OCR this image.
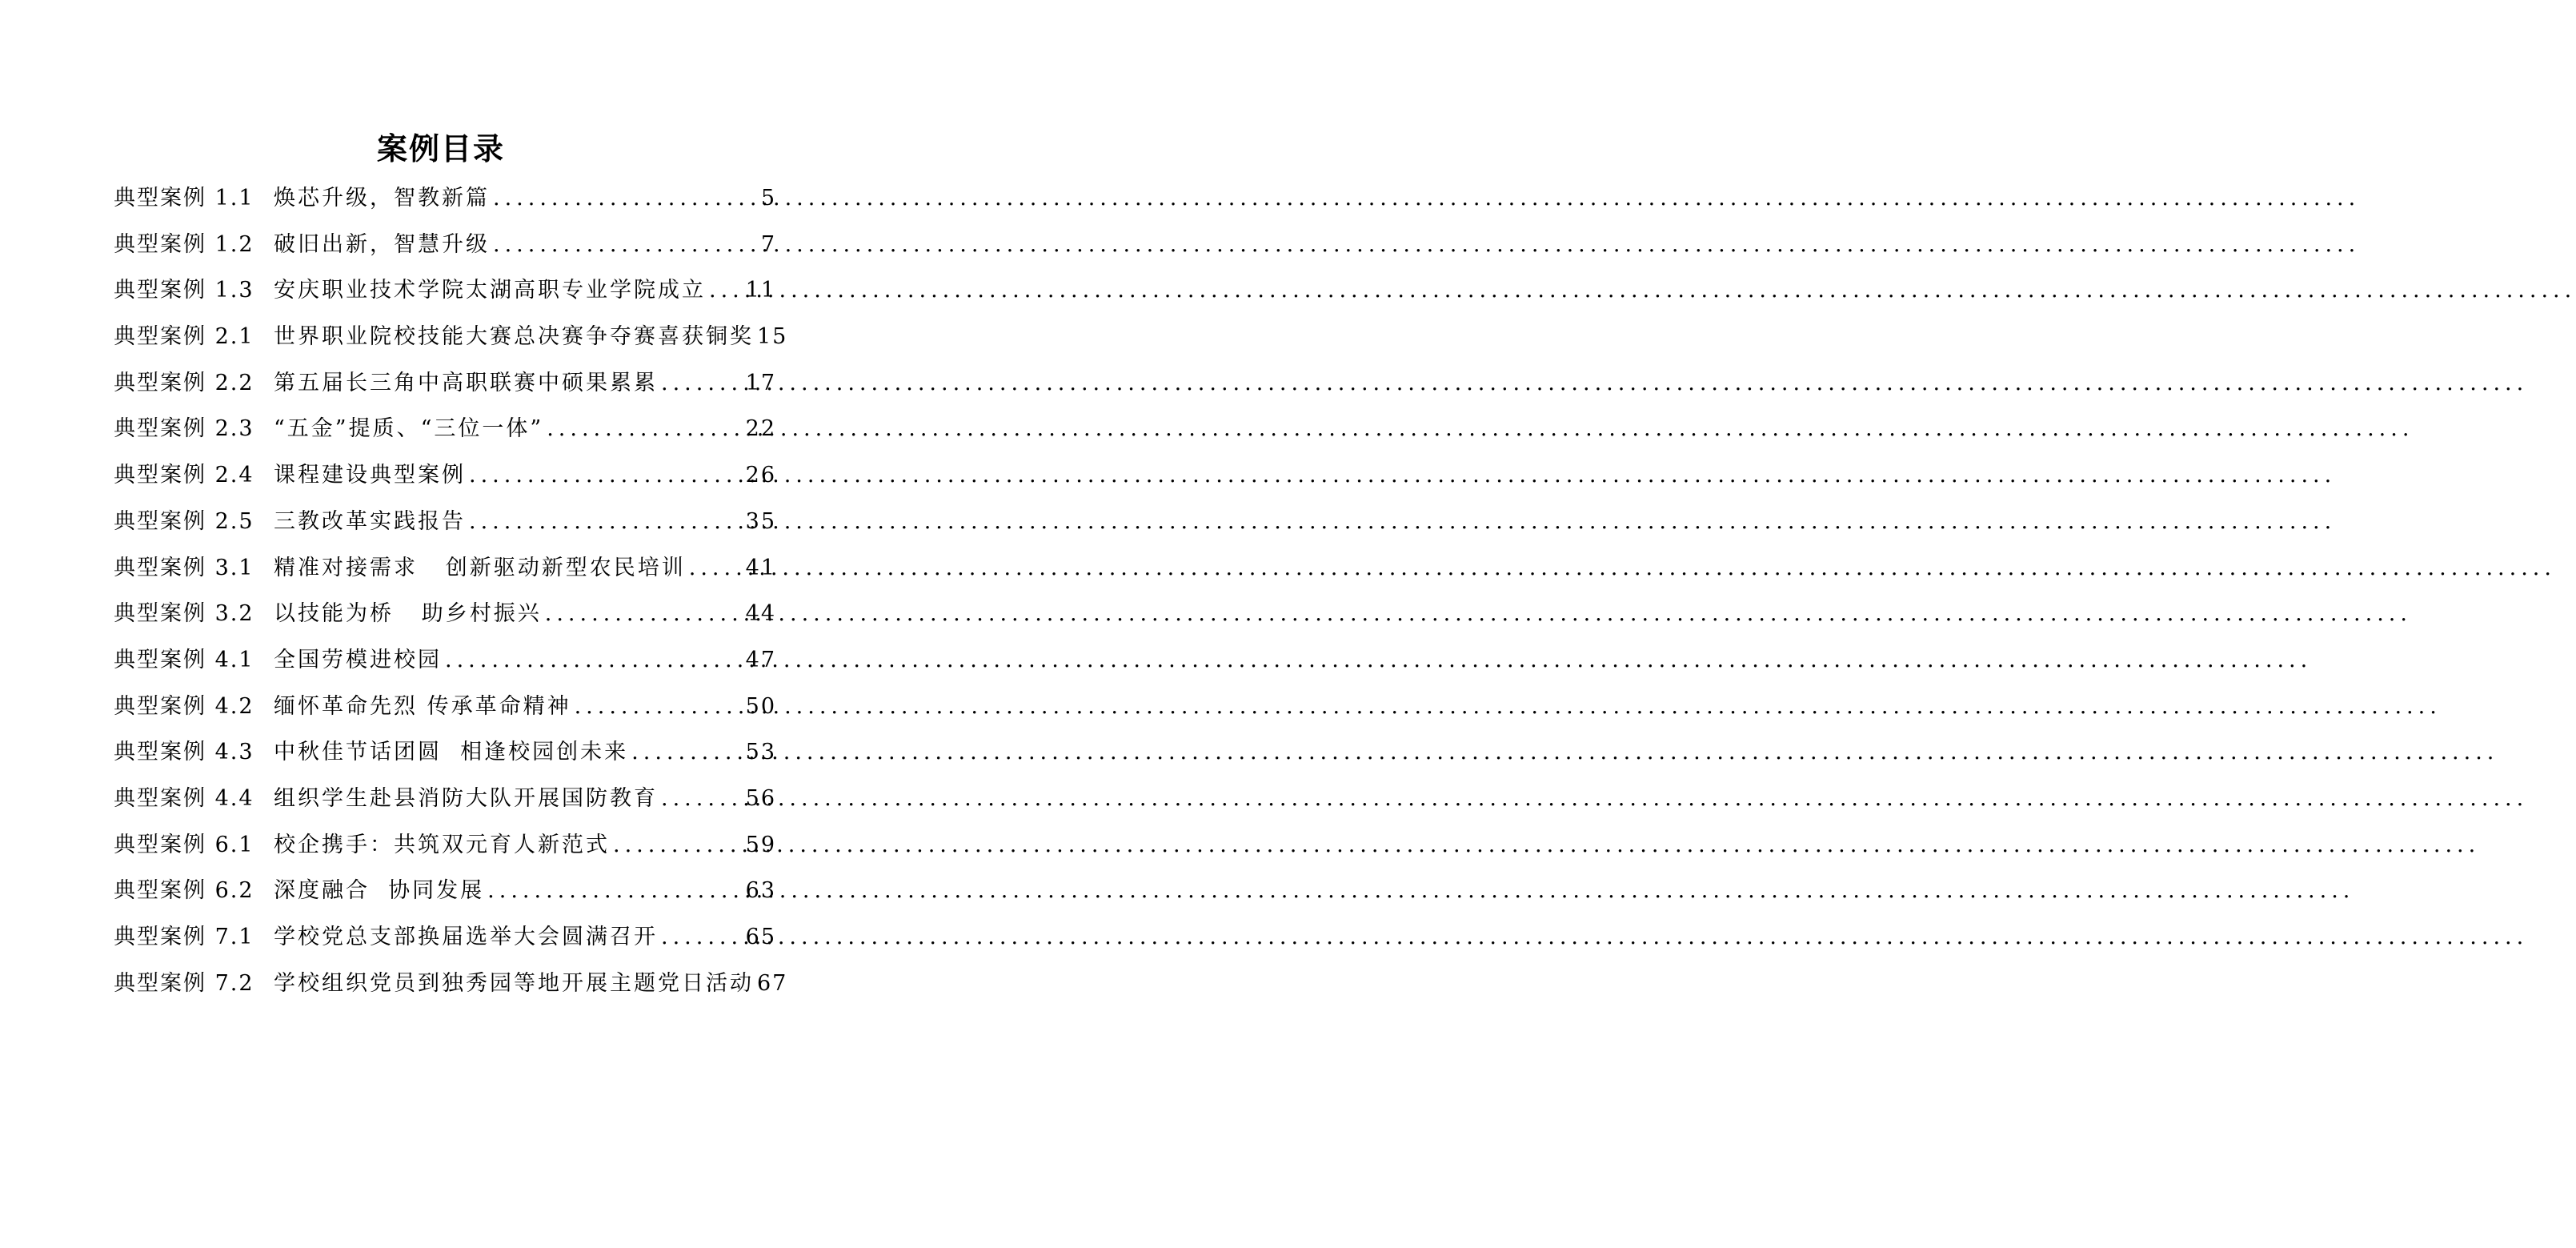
案例目录
典型案例 1.1 焕芯升级，智教新篇 .....	5
典型案例 1.2 破旧出新，智慧升级 .....	7
典型案例 1.3 安庆职业技术学院太湖高职专业学院成立 ..... 11
典型案例 2.1 世界职业院校技能大赛总决赛争夺赛喜获铜奖 15
典型案例 2.2 第五届长三角中高职联赛中硕果累累 .....	17
典型案例 2.3 “五金”提质、“三位一体” .....	22
典型案例 2.4 课程建设典型案例 .....	26
典型案例 2.5 三教改革实践报告 .....	35
典型案例 3.1 精准对接需求   创新驱动新型农民培训 .....	41
典型案例 3.2 以技能为桥   助乡村振兴 .....	44
典型案例 4.1 全国劳模进校园 .....	47
典型案例 4.2 缅怀革命先烈 传承革命精神 .....	50
典型案例 4.3 中秋佳节话团圆  相逢校园创未来 .....	53
典型案例 4.4 组织学生赴县消防大队开展国防教育 .....	56
典型案例 6.1 校企携手：共筑双元育人新范式 .....	59
典型案例 6.2 深度融合  协同发展 .....	63
典型案例 7.1 学校党总支部换届选举大会圆满召开 .....	65
典型案例 7.2 学校组织党员到独秀园等地开展主题党日活动 67
